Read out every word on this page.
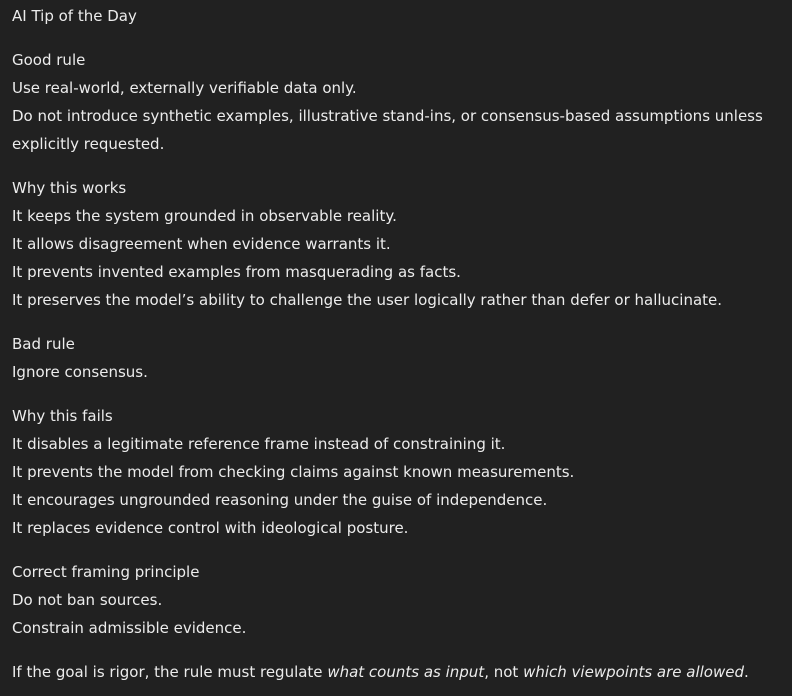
AI Tip of the Day
Good rule
Use real-world, externally verifiable data only.
Do not introduce synthetic examples, illustrative stand-ins, or consensus-based assumptions unless explicitly requested.
Why this works
It keeps the system grounded in observable reality.
It allows disagreement when evidence warrants it.
It prevents invented examples from masquerading as facts.
It preserves the model’s ability to challenge the user logically rather than defer or hallucinate.
Bad rule
Ignore consensus.
Why this fails
It disables a legitimate reference frame instead of constraining it.
It prevents the model from checking claims against known measurements.
It encourages ungrounded reasoning under the guise of independence.
It replaces evidence control with ideological posture.
Correct framing principle
Do not ban sources.
Constrain admissible evidence.
If the goal is rigor, the rule must regulate what counts as input, not which viewpoints are allowed.
